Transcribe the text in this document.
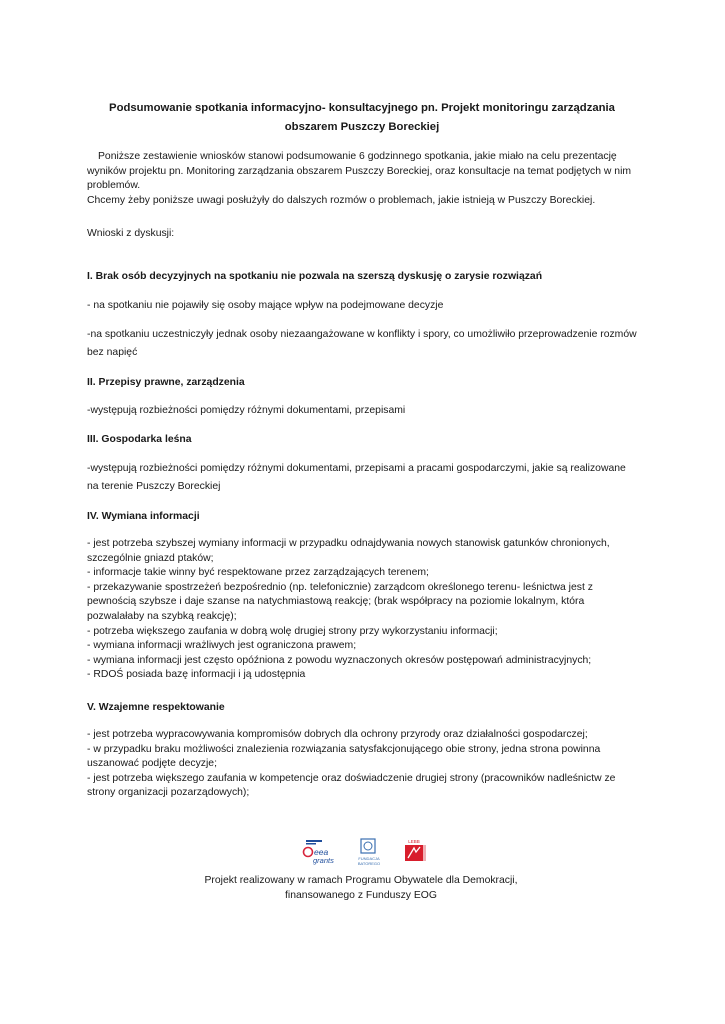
Podsumowanie spotkania informacyjno- konsultacyjnego pn. Projekt monitoringu zarządzania obszarem Puszczy Boreckiej
Poniższe zestawienie wniosków stanowi podsumowanie 6 godzinnego spotkania, jakie miało na celu prezentację wyników projektu pn. Monitoring zarządzania obszarem Puszczy Boreckiej, oraz konsultacje na temat podjętych w nim problemów.
Chcemy żeby poniższe uwagi posłużyły do dalszych rozmów o problemach, jakie istnieją w Puszczy Boreckiej.
Wnioski z dyskusji:
I. Brak osób decyzyjnych na spotkaniu nie pozwala na szerszą dyskusję o zarysie rozwiązań
- na spotkaniu nie pojawiły się osoby mające wpływ na podejmowane decyzje
-na spotkaniu uczestniczyły jednak osoby niezaangażowane w konflikty i spory, co umożliwiło przeprowadzenie rozmów bez napięć
II. Przepisy prawne, zarządzenia
-występują rozbieżności pomiędzy różnymi dokumentami, przepisami
III. Gospodarka leśna
-występują rozbieżności pomiędzy różnymi dokumentami, przepisami a pracami gospodarczymi, jakie są realizowane na terenie Puszczy Boreckiej
IV. Wymiana informacji
- jest potrzeba szybszej wymiany informacji w przypadku odnajdywania nowych stanowisk gatunków chronionych, szczególnie gniazd ptaków;
- informacje takie winny być respektowane przez zarządzających terenem;
- przekazywanie spostrzeżeń bezpośrednio (np. telefonicznie) zarządcom określonego terenu- leśnictwa jest z pewnością szybsze i daje szanse na natychmiastową reakcję; (brak współpracy na poziomie lokalnym, która pozwalałaby na szybką reakcję);
- potrzeba większego zaufania w dobrą wolę drugiej strony przy wykorzystaniu informacji;
- wymiana informacji wrażliwych jest ograniczona prawem;
- wymiana informacji jest często opóźniona z powodu wyznaczonych okresów postępowań administracyjnych;
- RDOŚ posiada bazę informacji i ją udostępnia
V. Wzajemne respektowanie
- jest potrzeba wypracowywania kompromisów dobrych dla ochrony przyrody oraz działalności gospodarczej;
- w przypadku braku możliwości znalezienia rozwiązania satysfakcjonującego obie strony, jedna strona powinna uszanować podjęte decyzje;
- jest potrzeba większego zaufania w kompetencje oraz doświadczenie drugiej strony (pracowników nadleśnictw ze strony organizacji pozarządowych);
eea
grants	FUNDACJA
BATOREGO
LEBB
Projekt realizowany w ramach Programu Obywatele dla Demokracji,
finansowanego z Funduszy EOG
